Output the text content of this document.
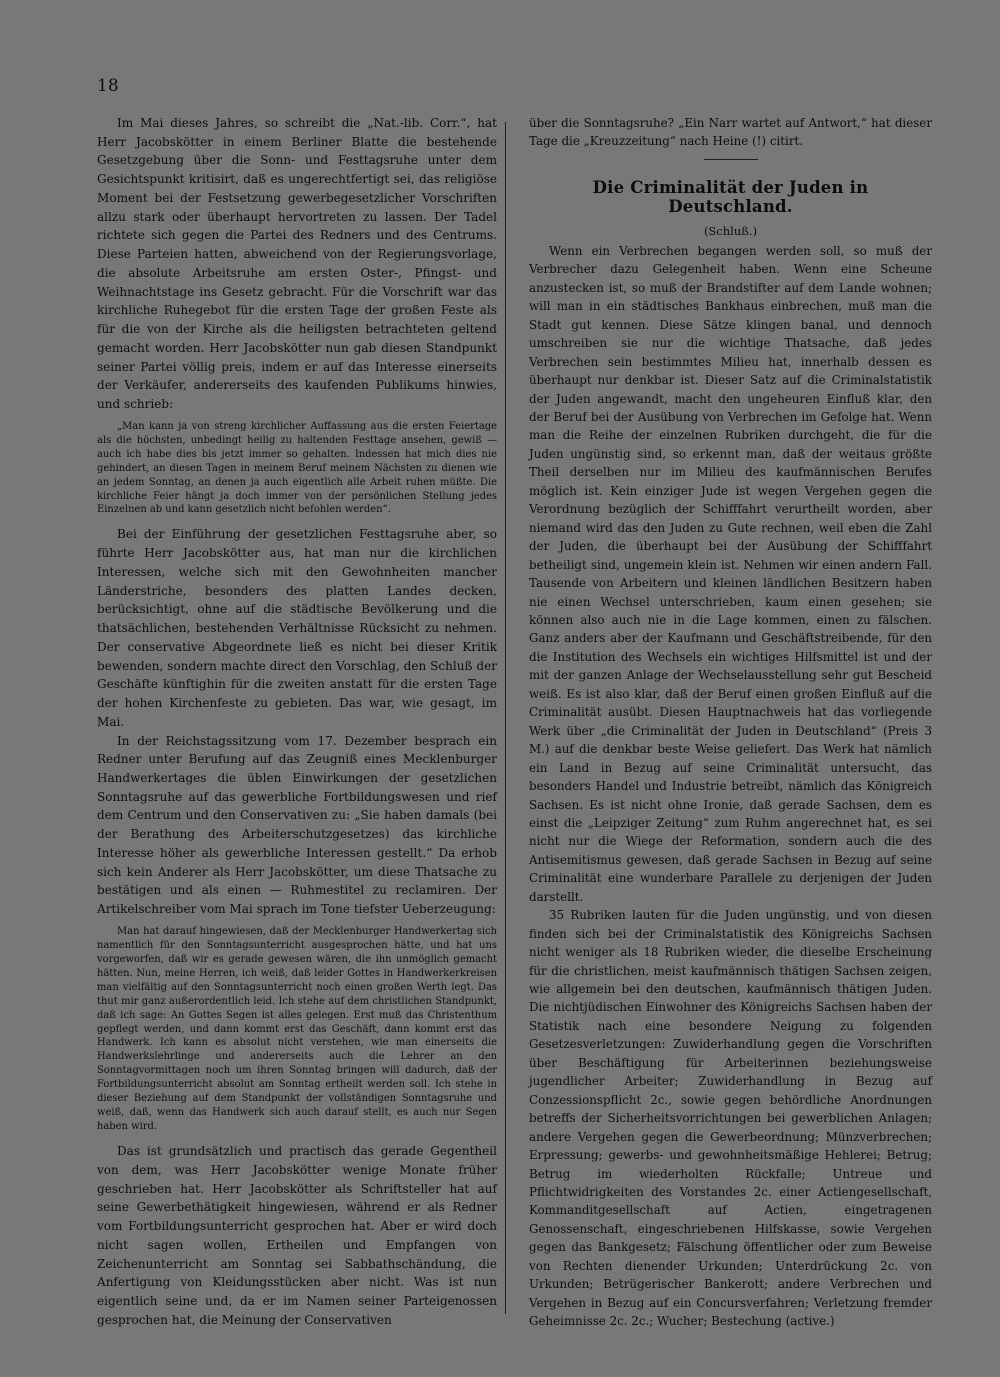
18

Im Mai dieses Jahres, so schreibt die „Nat.-lib. Corr.“, hat Herr Jacobskötter in einem Berliner Blatte die bestehende Gesetzgebung über die Sonn- und Festtagsruhe unter dem Gesichtspunkt kritisirt, daß es ungerechtfertigt sei, das religiöse Moment bei der Festsetzung gewerbegesetzlicher Vorschriften allzu stark oder überhaupt hervortreten zu lassen. Der Tadel richtete sich gegen die Partei des Redners und des Centrums. Diese Parteien hatten, abweichend von der Regierungsvorlage, die absolute Arbeitsruhe am ersten Oster-, Pfingst- und Weihnachtstage ins Gesetz gebracht. Für die Vorschrift war das kirchliche Ruhegebot für die ersten Tage der großen Feste als für die von der Kirche als die heiligsten betrachteten geltend gemacht worden. Herr Jacobskötter nun gab diesen Standpunkt seiner Partei völlig preis, indem er auf das Interesse einerseits der Verkäufer, andererseits des kaufenden Publikums hinwies, und schrieb:

„Man kann ja von streng kirchlicher Auffassung aus die ersten Feiertage als die höchsten, unbedingt heilig zu haltenden Festtage ansehen, gewiß — auch ich habe dies bis jetzt immer so gehalten. Indessen hat mich dies nie gehindert, an diesen Tagen in meinem Beruf meinem Nächsten zu dienen wie an jedem Sonntag, an denen ja auch eigentlich alle Arbeit ruhen müßte. Die kirchliche Feier hängt ja doch immer von der persönlichen Stellung jedes Einzelnen ab und kann gesetzlich nicht befohlen werden“.

Bei der Einführung der gesetzlichen Festtagsruhe aber, so führte Herr Jacobskötter aus, hat man nur die kirchlichen Interessen, welche sich mit den Gewohnheiten mancher Länderstriche, besonders des platten Landes decken, berücksichtigt, ohne auf die städtische Bevölkerung und die thatsächlichen, bestehenden Verhältnisse Rücksicht zu nehmen. Der conservative Abgeordnete ließ es nicht bei dieser Kritik bewenden, sondern machte direct den Vorschlag, den Schluß der Geschäfte künftighin für die zweiten anstatt für die ersten Tage der hohen Kirchenfeste zu gebieten. Das war, wie gesagt, im Mai.

In der Reichstagssitzung vom 17. Dezember besprach ein Redner unter Berufung auf das Zeugniß eines Mecklenburger Handwerkertages die üblen Einwirkungen der gesetzlichen Sonntagsruhe auf das gewerbliche Fortbildungswesen und rief dem Centrum und den Conservativen zu: „Sie haben damals (bei der Berathung des Arbeiterschutzgesetzes) das kirchliche Interesse höher als gewerbliche Interessen gestellt.“ Da erhob sich kein Anderer als Herr Jacobskötter, um diese Thatsache zu bestätigen und als einen — Ruhmestitel zu reclamiren. Der Artikelschreiber vom Mai sprach im Tone tiefster Ueberzeugung:

Man hat darauf hingewiesen, daß der Mecklenburger Handwerkertag sich namentlich für den Sonntagsunterricht ausgesprochen hätte, und hat uns vorgeworfen, daß wir es gerade gewesen wären, die ihn unmöglich gemacht hätten. Nun, meine Herren, ich weiß, daß leider Gottes in Handwerkerkreisen man vielfältig auf den Sonntagsunterricht noch einen großen Werth legt. Das thut mir ganz außerordentlich leid. Ich stehe auf dem christlichen Standpunkt, daß ich sage: An Gottes Segen ist alles gelegen. Erst muß das Christenthum gepflegt werden, und dann kommt erst das Geschäft, dann kommt erst das Handwerk. Ich kann es absolut nicht verstehen, wie man einerseits die Handwerkslehrlinge und andererseits auch die Lehrer an den Sonntagvormittagen noch um ihren Sonntag bringen will dadurch, daß der Fortbildungsunterricht absolut am Sonntag ertheilt werden soll. Ich stehe in dieser Beziehung auf dem Standpunkt der vollständigen Sonntagsruhe und weiß, daß, wenn das Handwerk sich auch darauf stellt, es auch nur Segen haben wird.

Das ist grundsätzlich und practisch das gerade Gegentheil von dem, was Herr Jacobskötter wenige Monate früher geschrieben hat. Herr Jacobskötter als Schriftsteller hat auf seine Gewerbethätigkeit hingewiesen, während er als Redner vom Fortbildungsunterricht gesprochen hat. Aber er wird doch nicht sagen wollen, Ertheilen und Empfangen von Zeichenunterricht am Sonntag sei Sabbathschändung, die Anfertigung von Kleidungsstücken aber nicht. Was ist nun eigentlich seine und, da er im Namen seiner Parteigenossen gesprochen hat, die Meinung der Conservativen

über die Sonntagsruhe? „Ein Narr wartet auf Antwort,“ hat dieser Tage die „Kreuzzeitung“ nach Heine (!) citirt.

Die Criminalität der Juden in Deutschland.

(Schluß.)

Wenn ein Verbrechen begangen werden soll, so muß der Verbrecher dazu Gelegenheit haben. Wenn eine Scheune anzustecken ist, so muß der Brandstifter auf dem Lande wohnen; will man in ein städtisches Bankhaus einbrechen, muß man die Stadt gut kennen. Diese Sätze klingen banal, und dennoch umschreiben sie nur die wichtige Thatsache, daß jedes Verbrechen sein bestimmtes Milieu hat, innerhalb dessen es überhaupt nur denkbar ist. Dieser Satz auf die Criminalstatistik der Juden angewandt, macht den ungeheuren Einfluß klar, den der Beruf bei der Ausübung von Verbrechen im Gefolge hat. Wenn man die Reihe der einzelnen Rubriken durchgeht, die für die Juden ungünstig sind, so erkennt man, daß der weitaus größte Theil derselben nur im Milieu des kaufmännischen Berufes möglich ist. Kein einziger Jude ist wegen Vergehen gegen die Verordnung bezüglich der Schifffahrt verurtheilt worden, aber niemand wird das den Juden zu Gute rechnen, weil eben die Zahl der Juden, die überhaupt bei der Ausübung der Schifffahrt betheiligt sind, ungemein klein ist. Nehmen wir einen andern Fall. Tausende von Arbeitern und kleinen ländlichen Besitzern haben nie einen Wechsel unterschrieben, kaum einen gesehen; sie können also auch nie in die Lage kommen, einen zu fälschen. Ganz anders aber der Kaufmann und Geschäftstreibende, für den die Institution des Wechsels ein wichtiges Hilfsmittel ist und der mit der ganzen Anlage der Wechselausstellung sehr gut Bescheid weiß. Es ist also klar, daß der Beruf einen großen Einfluß auf die Criminalität ausübt. Diesen Hauptnachweis hat das vorliegende Werk über „die Criminalität der Juden in Deutschland“ (Preis 3 M.) auf die denkbar beste Weise geliefert. Das Werk hat nämlich ein Land in Bezug auf seine Criminalität untersucht, das besonders Handel und Industrie betreibt, nämlich das Königreich Sachsen. Es ist nicht ohne Ironie, daß gerade Sachsen, dem es einst die „Leipziger Zeitung“ zum Ruhm angerechnet hat, es sei nicht nur die Wiege der Reformation, sondern auch die des Antisemitismus gewesen, daß gerade Sachsen in Bezug auf seine Criminalität eine wunderbare Parallele zu derjenigen der Juden darstellt.

35 Rubriken lauten für die Juden ungünstig, und von diesen finden sich bei der Criminalstatistik des Königreichs Sachsen nicht weniger als 18 Rubriken wieder, die dieselbe Erscheinung für die christlichen, meist kaufmännisch thätigen Sachsen zeigen, wie allgemein bei den deutschen, kaufmännisch thätigen Juden. Die nichtjüdischen Einwohner des Königreichs Sachsen haben der Statistik nach eine besondere Neigung zu folgenden Gesetzesverletzungen: Zuwiderhandlung gegen die Vorschriften über Beschäftigung für Arbeiterinnen beziehungsweise jugendlicher Arbeiter; Zuwiderhandlung in Bezug auf Conzessionspflicht 2c., sowie gegen behördliche Anordnungen betreffs der Sicherheitsvorrichtungen bei gewerblichen Anlagen; andere Vergehen gegen die Gewerbeordnung; Münzverbrechen; Erpressung; gewerbs- und gewohnheitsmäßige Hehlerei; Betrug; Betrug im wiederholten Rückfalle; Untreue und Pflichtwidrigkeiten des Vorstandes 2c. einer Actiengesellschaft, Kommanditgesellschaft auf Actien, eingetragenen Genossenschaft, eingeschriebenen Hilfskasse, sowie Vergehen gegen das Bankgesetz; Fälschung öffentlicher oder zum Beweise von Rechten dienender Urkunden; Unterdrückung 2c. von Urkunden; Betrügerischer Bankerott; andere Verbrechen und Vergehen in Bezug auf ein Concursverfahren; Verletzung fremder Geheimnisse 2c. 2c.; Wucher; Bestechung (active.)
